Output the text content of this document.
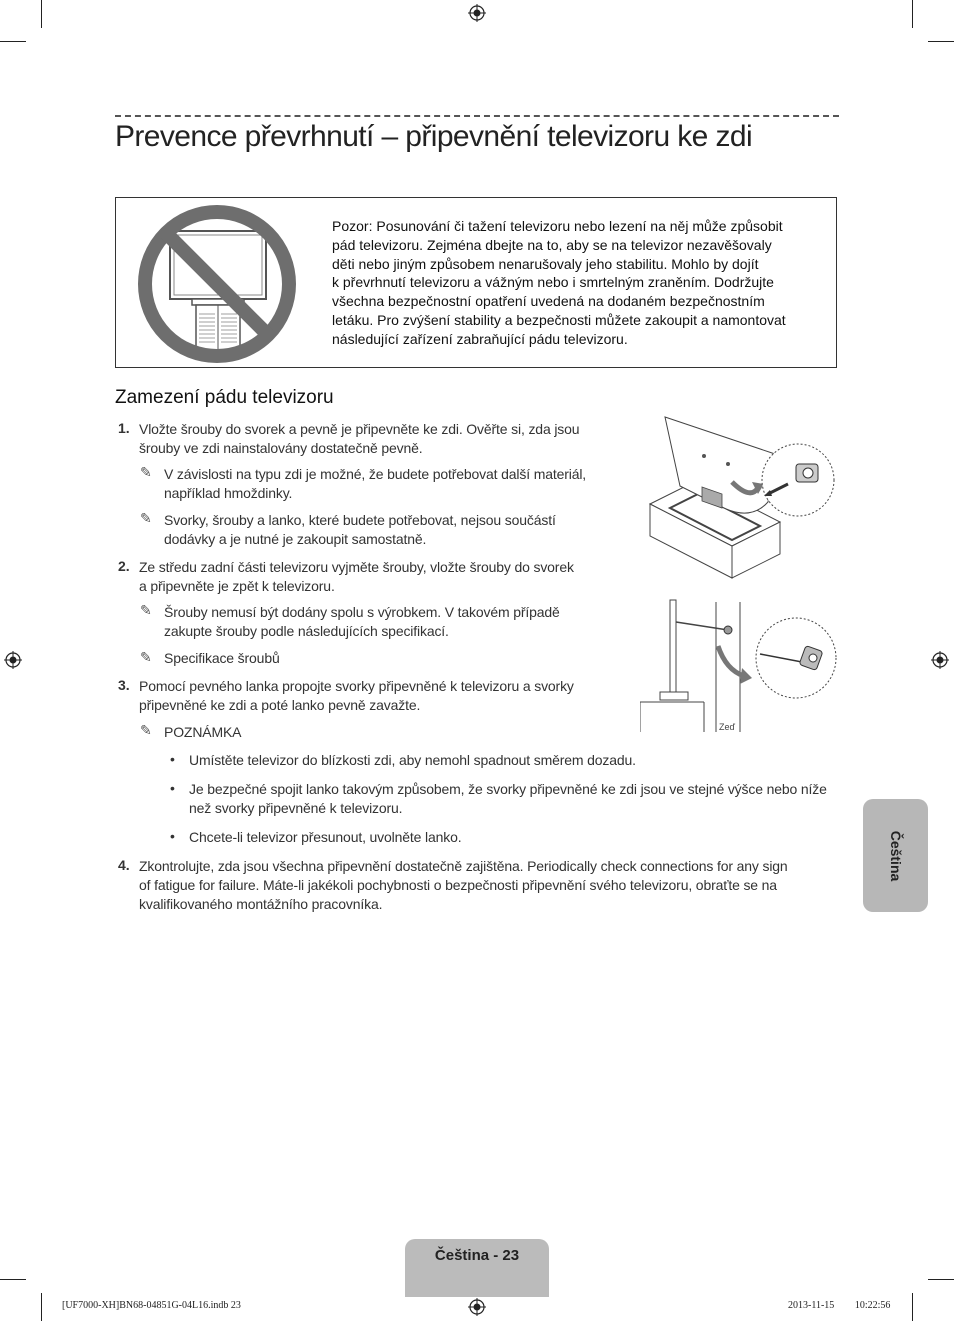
Prevence převrhnutí – připevnění televizoru ke zdi
Pozor: Posunování či tažení televizoru nebo lezení na něj může způsobit
pád televizoru. Zejména dbejte na to, aby se na televizor nezavěšovaly
děti nebo jiným způsobem nenarušovaly jeho stabilitu. Mohlo by dojít
k převrhnutí televizoru a vážným nebo i smrtelným zraněním. Dodržujte
všechna bezpečnostní opatření uvedená na dodaném bezpečnostním
letáku. Pro zvýšení stability a bezpečnosti můžete zakoupit a namontovat
následující zařízení zabraňující pádu televizoru.
Zamezení pádu televizoru
1. Vložte šrouby do svorek a pevně je připevněte ke zdi. Ověřte si, zda jsou
šrouby ve zdi nainstalovány dostatečně pevně.
✎ V závislosti na typu zdi je možné, že budete potřebovat další materiál,
například hmoždinky.
✎ Svorky, šrouby a lanko, které budete potřebovat, nejsou součástí
dodávky a je nutné je zakoupit samostatně.
2. Ze středu zadní části televizoru vyjměte šrouby, vložte šrouby do svorek
a připevněte je zpět k televizoru.
✎ Šrouby nemusí být dodány spolu s výrobkem. V takovém případě
zakupte šrouby podle následujících specifikací.
✎ Specifikace šroubů
3. Pomocí pevného lanka propojte svorky připevněné k televizoru a svorky
připevněné ke zdi a poté lanko pevně zavažte.
✎ POZNÁMKA
• Umístěte televizor do blízkosti zdi, aby nemohl spadnout směrem dozadu.
• Je bezpečné spojit lanko takovým způsobem, že svorky připevněné ke zdi jsou ve stejné výšce nebo níže
než svorky připevněné k televizoru.
• Chcete-li televizor přesunout, uvolněte lanko.
4. Zkontrolujte, zda jsou všechna připevnění dostatečně zajištěna. Periodically check connections for any sign
of fatigue for failure. Máte-li jakékoli pochybnosti o bezpečnosti připevnění svého televizoru, obraťte se na
kvalifikovaného montážního pracovníka.
Zeď
Čeština
Čeština - 23
[UF7000-XH]BN68-04851G-04L16.indb 23	2013-11-15 ￿￿ 10:22:56
